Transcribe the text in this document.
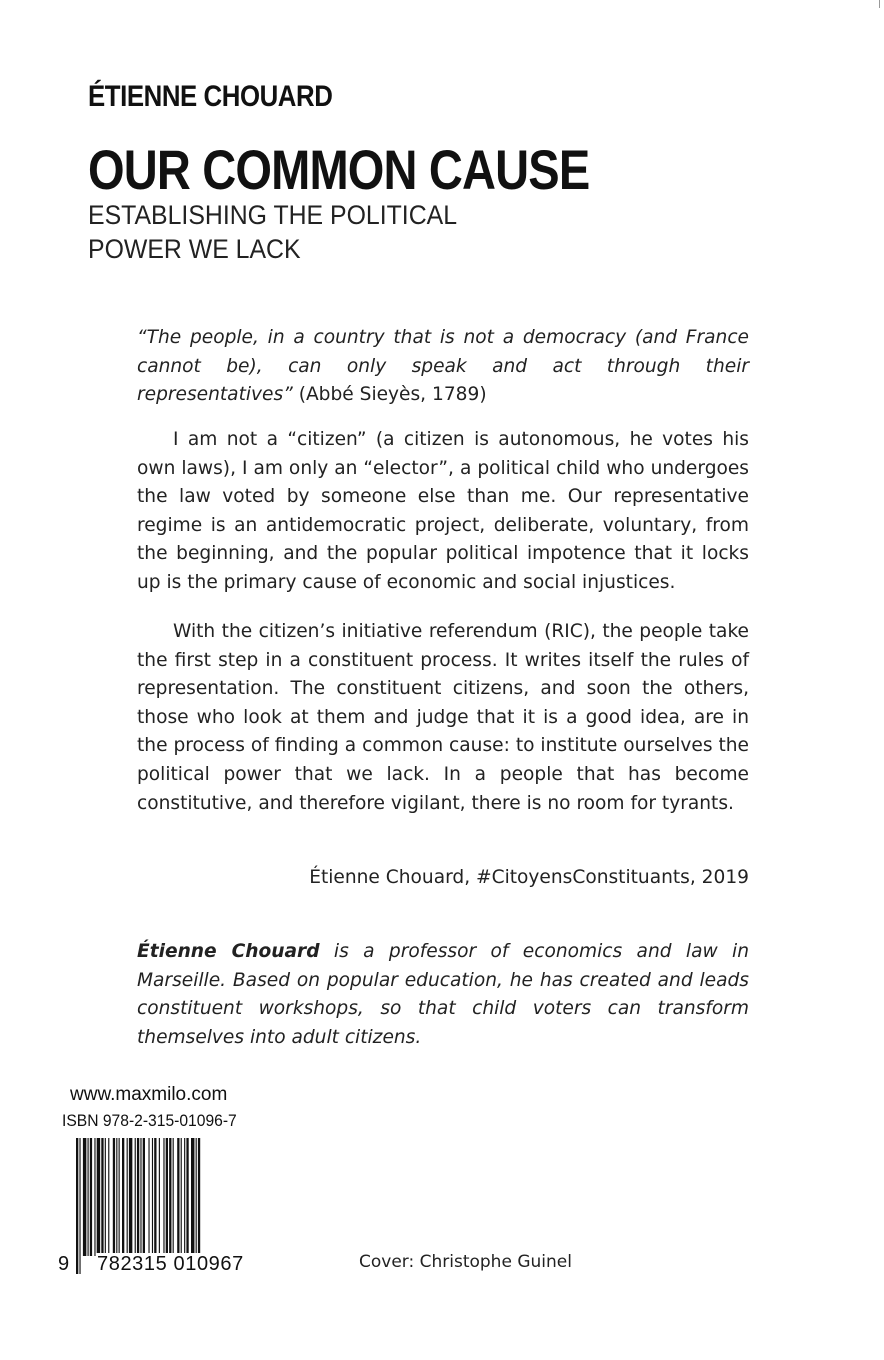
ÉTIENNE CHOUARD
OUR COMMON CAUSE
ESTABLISHING THE POLITICAL
POWER WE LACK

“The people, in a country that is not a democracy (and France cannot be), can only speak and act through their representatives” (Abbé Sieyès, 1789)

I am not a “citizen” (a citizen is autonomous, he votes his own laws), I am only an “elector”, a political child who undergoes the law voted by someone else than me. Our representative regime is an antidemocratic project, deliberate, voluntary, from the beginning, and the popular political impotence that it locks up is the primary cause of economic and social injustices.

With the citizen’s initiative referendum (RIC), the people take the first step in a constituent process. It writes itself the rules of representation. The constituent citizens, and soon the others, those who look at them and judge that it is a good idea, are in the process of finding a common cause: to institute ourselves the political power that we lack. In a people that has become constitutive, and therefore vigilant, there is no room for tyrants.

Étienne Chouard, #CitoyensConstituants, 2019
Étienne Chouard is a professor of economics and law in Marseille. Based on popular education, he has created and leads constituent workshops, so that child voters can transform themselves into adult citizens.
www.maxmilo.com
ISBN 978-2-315-01096-7
9 782315 010967	Cover: Christophe Guinel
